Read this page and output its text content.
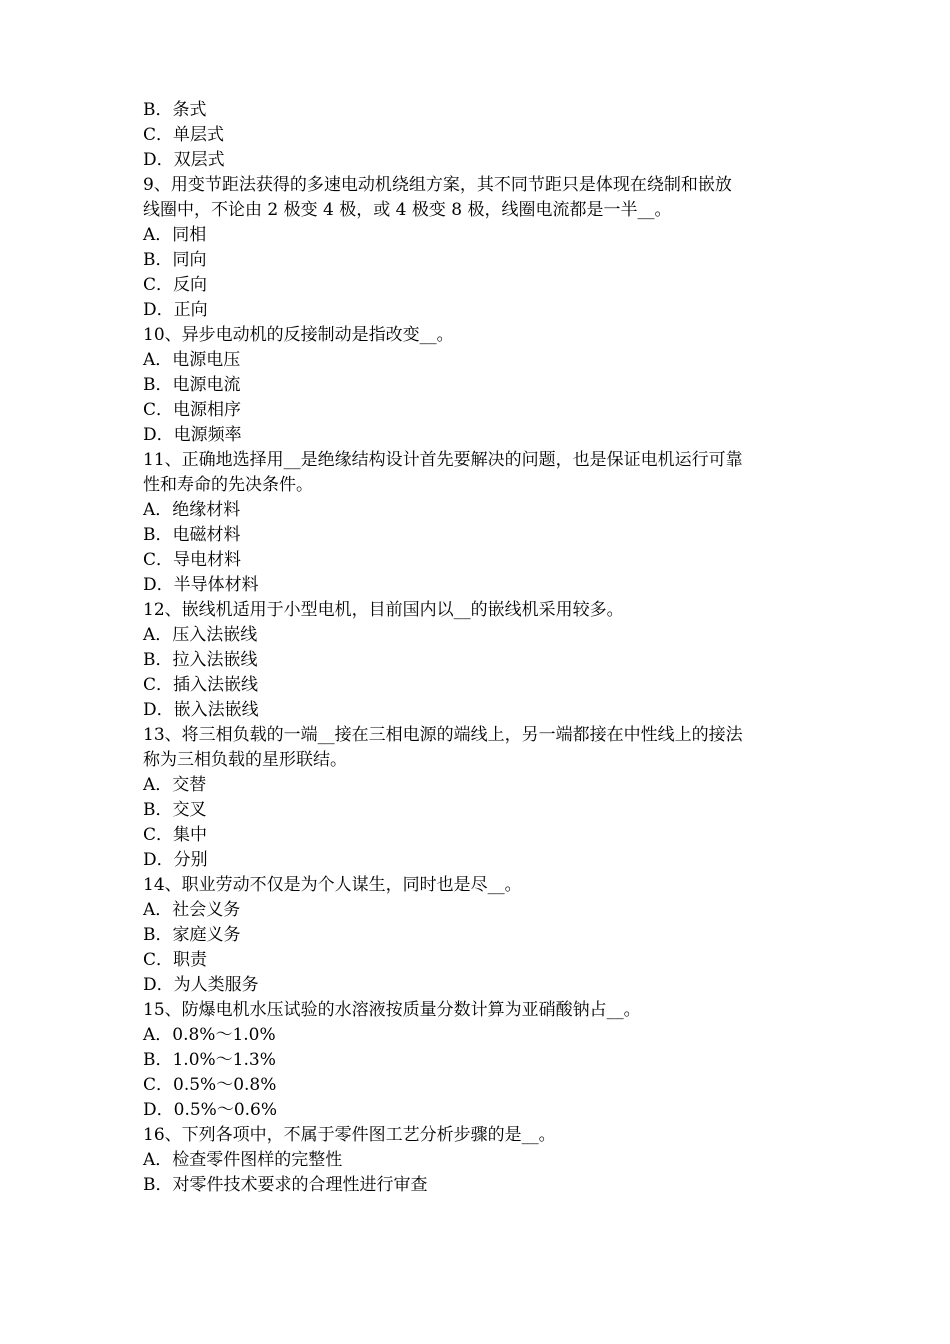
B．条式
C．单层式
D．双层式
9、用变节距法获得的多速电动机绕组方案，其不同节距只是体现在绕制和嵌放
线圈中，不论由 2 极变 4 极，或 4 极变 8 极，线圈电流都是一半__。
A．同相
B．同向
C．反向
D．正向
10、异步电动机的反接制动是指改变__。
A．电源电压
B．电源电流
C．电源相序
D．电源频率
11、正确地选择用__是绝缘结构设计首先要解决的问题，也是保证电机运行可靠
性和寿命的先决条件。
A．绝缘材料
B．电磁材料
C．导电材料
D．半导体材料
12、嵌线机适用于小型电机，目前国内以__的嵌线机采用较多。
A．压入法嵌线
B．拉入法嵌线
C．插入法嵌线
D．嵌入法嵌线
13、将三相负载的一端__接在三相电源的端线上，另一端都接在中性线上的接法
称为三相负载的星形联结。
A．交替
B．交叉
C．集中
D．分别
14、职业劳动不仅是为个人谋生，同时也是尽__。
A．社会义务
B．家庭义务
C．职责
D．为人类服务
15、防爆电机水压试验的水溶液按质量分数计算为亚硝酸钠占__。
A．0.8%～1.0%
B．1.0%～1.3%
C．0.5%～0.8%
D．0.5%～0.6%
16、下列各项中，不属于零件图工艺分析步骤的是__。
A．检查零件图样的完整性
B．对零件技术要求的合理性进行审查
